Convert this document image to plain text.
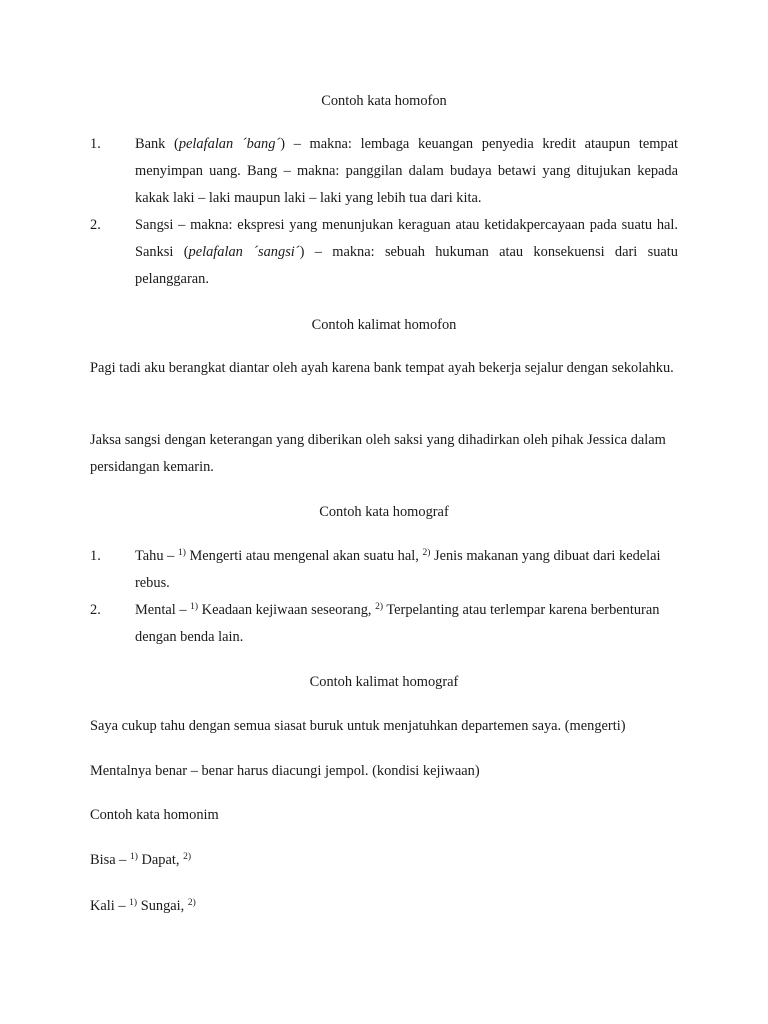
Contoh kata homofon
1. Bank (pelafalan ´bang´) – makna: lembaga keuangan penyedia kredit ataupun tempat menyimpan uang. Bang – makna: panggilan dalam budaya betawi yang ditujukan kepada kakak laki – laki maupun laki – laki yang lebih tua dari kita.
2. Sangsi – makna: ekspresi yang menunjukan keraguan atau ketidakpercayaan pada suatu hal. Sanksi (pelafalan ´sangsi´) – makna: sebuah hukuman atau konsekuensi dari suatu pelanggaran.
Contoh kalimat homofon
Pagi tadi aku berangkat diantar oleh ayah karena bank tempat ayah bekerja sejalur dengan sekolahku.
Jaksa sangsi dengan keterangan yang diberikan oleh saksi yang dihadirkan oleh pihak Jessica dalam persidangan kemarin.
Contoh kata homograf
1. Tahu – $^{1)}$ Mengerti atau mengenal akan suatu hal, $^{2)}$ Jenis makanan yang dibuat dari kedelai rebus.
2. Mental – $^{1)}$ Keadaan kejiwaan seseorang, $^{2)}$ Terpelanting atau terlempar karena berbenturan dengan benda lain.
Contoh kalimat homograf
Saya cukup tahu dengan semua siasat buruk untuk menjatuhkan departemen saya. (mengerti)
Mentalnya benar – benar harus diacungi jempol. (kondisi kejiwaan)
Contoh kata homonim
Bisa – $^{1)}$ Dapat, $^{2)}$
Kali – $^{1)}$ Sungai, $^{2)}$
